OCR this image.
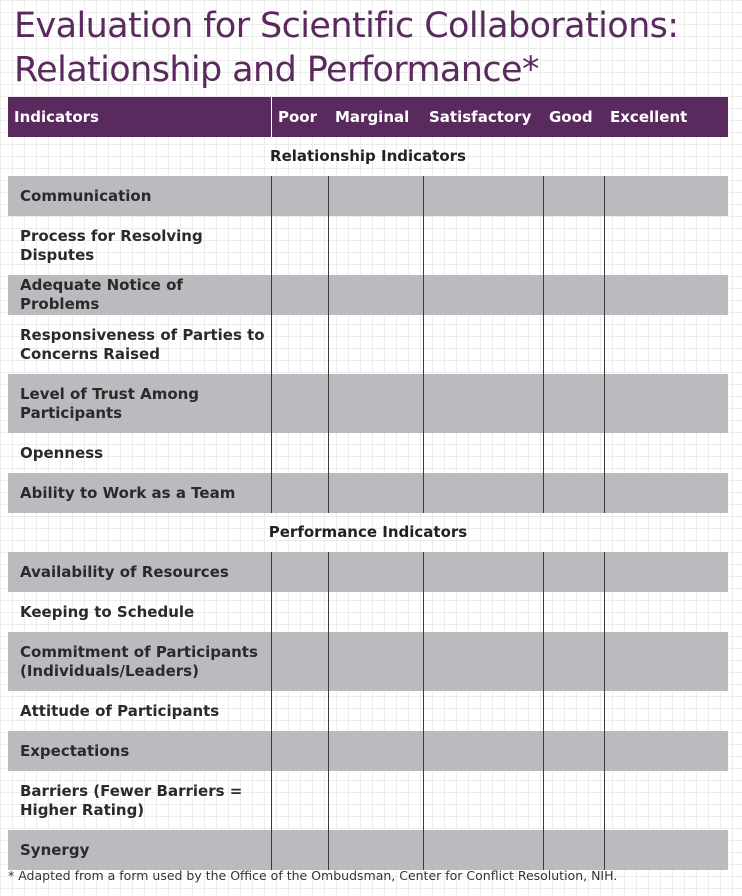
Evaluation for Scientific Collaborations:
Relationship and Performance*
Indicators	Poor Marginal Satisfactory Good Excellent
Relationship Indicators
Communication
Process for Resolving Disputes
Adequate Notice of Problems
Responsiveness of Parties to Concerns Raised
Level of Trust Among Participants
Openness
Ability to Work as a Team
Performance Indicators
Availability of Resources
Keeping to Schedule
Commitment of Participants (Individuals/Leaders)
Attitude of Participants
Expectations
Barriers (Fewer Barriers = Higher Rating)
Synergy
* Adapted from a form used by the Office of the Ombudsman, Center for Conflict Resolution, NIH.
